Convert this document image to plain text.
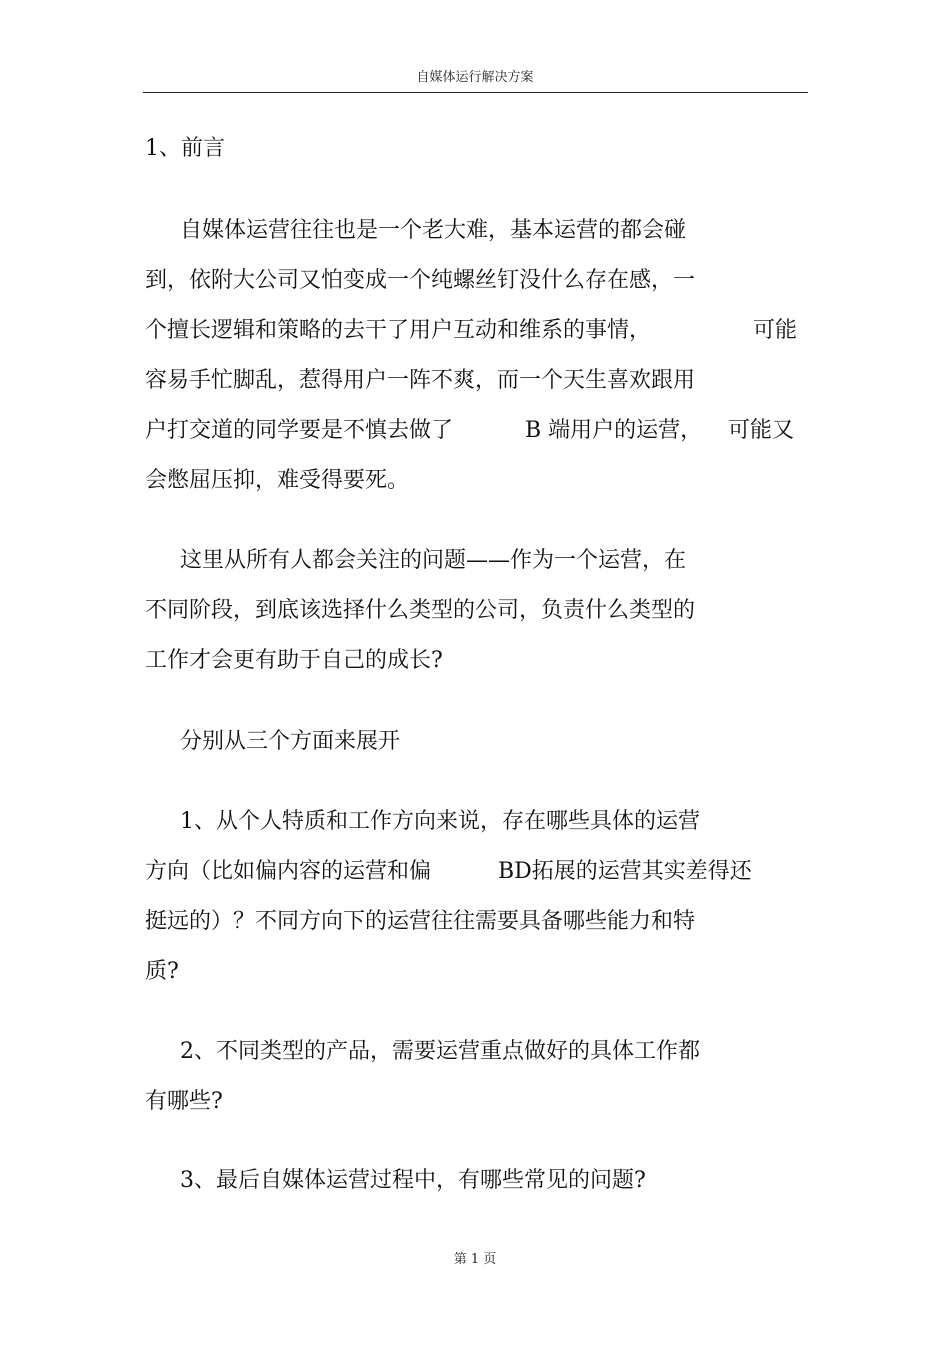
自媒体运行解决方案
1、前言
自媒体运营往往也是一个老大难，基本运营的都会碰
到，依附大公司又怕变成一个纯螺丝钉没什么存在感，一
个擅长逻辑和策略的去干了用户互动和维系的事情，	可能
容易手忙脚乱，惹得用户一阵不爽，而一个天生喜欢跟用
户打交道的同学要是不慎去做了	B 端用户的运营， 可能又
会憋屈压抑，难受得要死。
这里从所有人都会关注的问题——作为一个运营，在
不同阶段，到底该选择什么类型的公司，负责什么类型的
工作才会更有助于自己的成长?
分别从三个方面来展开
1、从个人特质和工作方向来说，存在哪些具体的运营
方向（比如偏内容的运营和偏	BD拓展的运营其实差得还
挺远的）？不同方向下的运营往往需要具备哪些能力和特
质?
2、不同类型的产品，需要运营重点做好的具体工作都
有哪些?
3、最后自媒体运营过程中，有哪些常见的问题?
第 1 页
